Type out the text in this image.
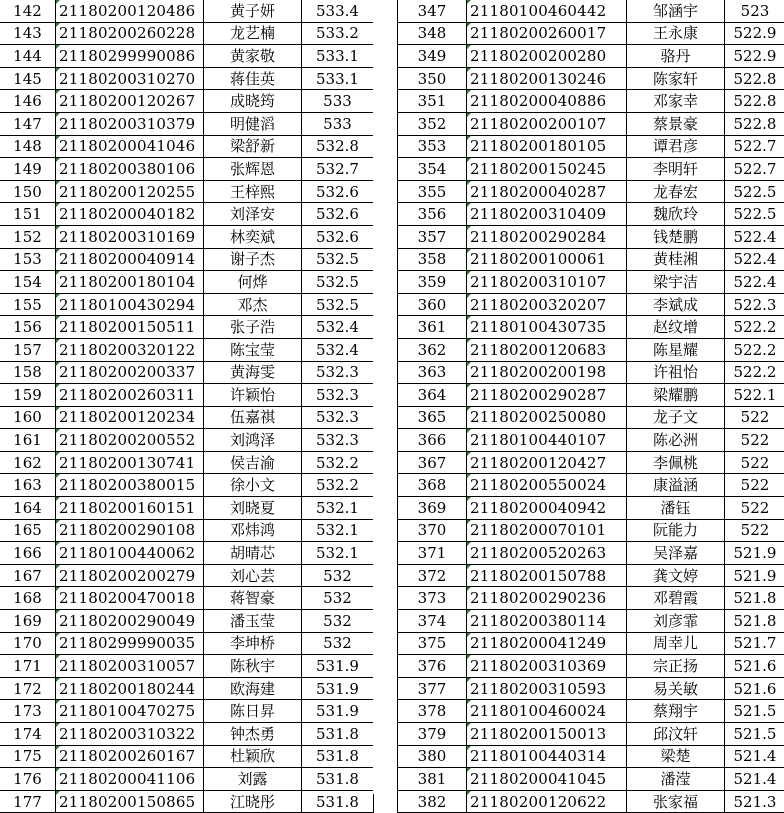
142	21180200120486	黄子妍	533.4
143	21180200260228	龙艺楠	533.2
144	21180299990086	黄家敬	533.1
145	21180200310270	蒋佳英	533.1
146	21180200120267	成晓筠	533
147	21180200310379	明健滔	533
148	21180200041046	梁舒新	532.8
149	21180200380106	张辉恩	532.7
150	21180200120255	王梓熙	532.6
151	21180200040182	刘泽安	532.6
152	21180200310169	林奕斌	532.6
153	21180200040914	谢子杰	532.5
154	21180200180104	何烨	532.5
155	21180100430294	邓杰	532.5
156	21180200150511	张子浩	532.4
157	21180200320122	陈宝莹	532.4
158	21180200200337	黄海雯	532.3
159	21180200260311	许颖怡	532.3
160	21180200120234	伍嘉祺	532.3
161	21180200200552	刘鸿泽	532.3
162	21180200130741	侯吉渝	532.2
163	21180200380015	徐小文	532.2
164	21180200160151	刘晓夏	532.1
165	21180200290108	邓炜鸿	532.1
166	21180100440062	胡晴芯	532.1
167	21180200200279	刘心芸	532
168	21180200470018	蒋智豪	532
169	21180200290049	潘玉莹	532
170	21180299990035	李坤桥	532
171	21180200310057	陈秋宇	531.9
172	21180200180244	欧海建	531.9
173	21180100470275	陈日昇	531.9
174	21180200310322	钟杰勇	531.8
175	21180200260167	杜颖欣	531.8
176	21180200041106	刘露	531.8
177	21180200150865	江晓彤	531.8
347	21180100460442	邹涵宇	523
348	21180200260017	王永康	522.9
349	21180200200280	骆丹	522.9
350	21180200130246	陈家轩	522.8
351	21180200040886	邓家幸	522.8
352	21180200200107	蔡景豪	522.8
353	21180200180105	谭君彦	522.7
354	21180200150245	李明轩	522.7
355	21180200040287	龙春宏	522.5
356	21180200310409	魏欣玲	522.5
357	21180200290284	钱楚鹏	522.4
358	21180200100061	黄桂湘	522.4
359	21180200310107	梁宇洁	522.4
360	21180200320207	李斌成	522.3
361	21180100430735	赵纹增	522.2
362	21180200120683	陈星耀	522.2
363	21180200200198	许祖怡	522.2
364	21180200290287	梁耀鹏	522.1
365	21180200250080	龙子文	522
366	21180100440107	陈必洲	522
367	21180200120427	李佩桃	522
368	21180200550024	康溢涵	522
369	21180200040942	潘钰	522
370	21180200070101	阮能力	522
371	21180200520263	吴泽嘉	521.9
372	21180200150788	龚文婷	521.9
373	21180200290236	邓碧霞	521.8
374	21180200380114	刘彦霏	521.8
375	21180200041249	周幸儿	521.7
376	21180200310369	宗正扬	521.6
377	21180200310593	易关敏	521.6
378	21180100460024	蔡翔宇	521.5
379	21180200150013	邱汶轩	521.5
380	21180100440314	梁楚	521.4
381	21180200041045	潘滢	521.4
382	21180200120622	张家福	521.3
